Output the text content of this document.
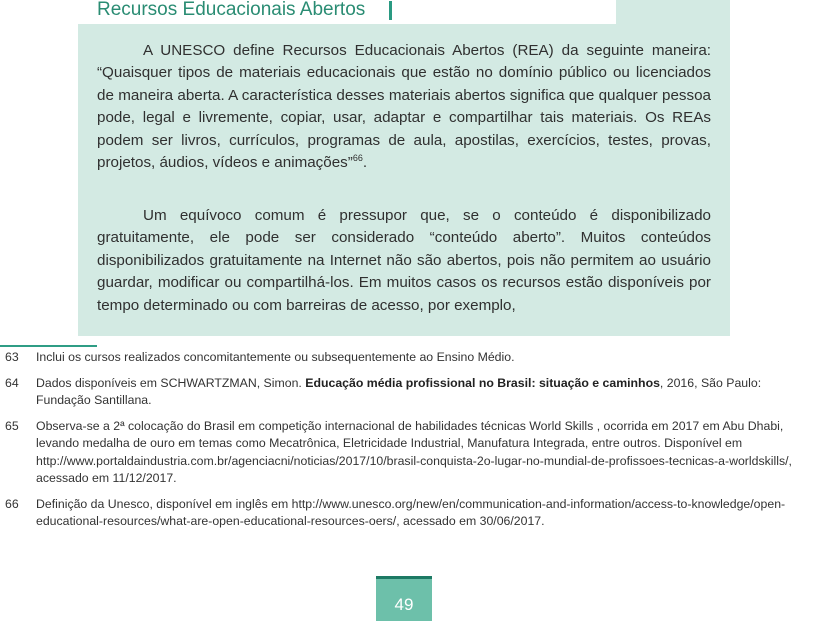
Recursos Educacionais Abertos

A UNESCO define Recursos Educacionais Abertos (REA) da seguinte maneira: “Quaisquer tipos de materiais educacionais que estão no domínio público ou licenciados de maneira aberta. A característica desses materiais abertos significa que qualquer pessoa pode, legal e livremente, copiar, usar, adaptar e compartilhar tais materiais. Os REAs podem ser livros, currículos, programas de aula, apostilas, exercícios, testes, provas, projetos, áudios, vídeos e animações”$^{66}$.

Um equívoco comum é pressupor que, se o conteúdo é disponibilizado gratuitamente, ele pode ser considerado “conteúdo aberto”. Muitos conteúdos disponibilizados gratuitamente na Internet não são abertos, pois não permitem ao usuário guardar, modificar ou compartilhá-los. Em muitos casos os recursos estão disponíveis por tempo determinado ou com barreiras de acesso, por exemplo,

63 Inclui os cursos realizados concomitantemente ou subsequentemente ao Ensino Médio.

64 Dados disponíveis em SCHWARTZMAN, Simon. Educação média profissional no Brasil: situação e caminhos, 2016, São Paulo: Fundação Santillana.

65 Observa-se a 2ª colocação do Brasil em competição internacional de habilidades técnicas World Skills , ocorrida em 2017 em Abu Dhabi, levando medalha de ouro em temas como Mecatrônica, Eletricidade Industrial, Manufatura Integrada, entre outros. Disponível em http://www.portaldaindustria.com.br/agenciacni/noticias/2017/10/brasil-conquista-2o-lugar-no-mundial-de-profissoes-tecnicas-a-worldskills/, acessado em 11/12/2017.

66 Definição da Unesco, disponível em inglês em http://www.unesco.org/new/en/communication-and-information/access-to-knowledge/open-educational-resources/what-are-open-educational-resources-oers/, acessado em 30/06/2017.

49
